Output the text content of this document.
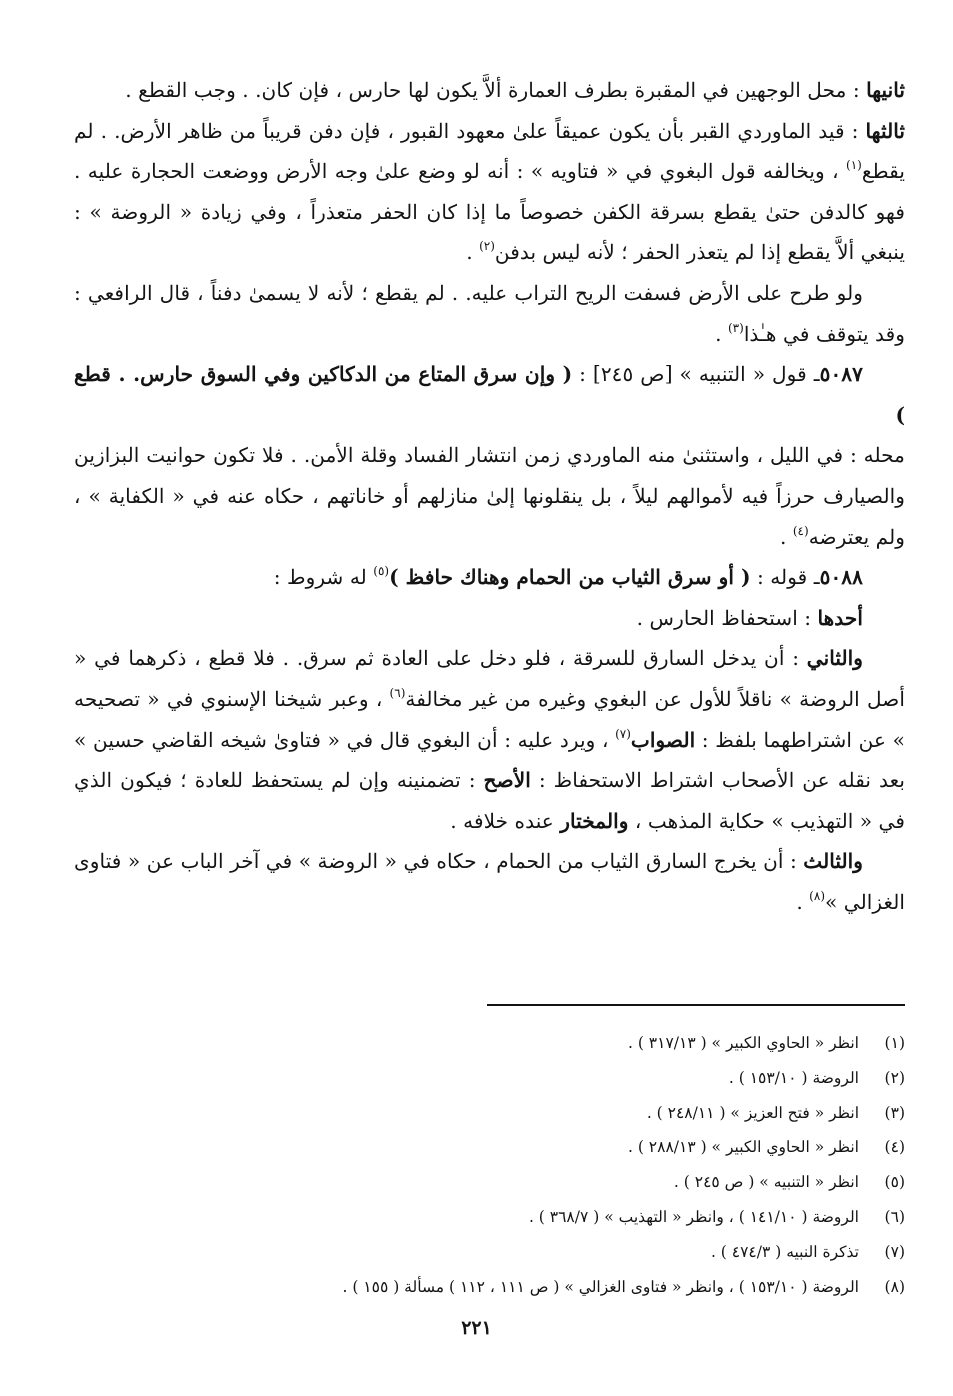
ثانيها : محل الوجهين في المقبرة بطرف العمارة ألاَّ يكون لها حارس ، فإن كان. . وجب القطع .

ثالثها : قيد الماوردي القبر بأن يكون عميقاً علىٰ معهود القبور ، فإن دفن قريباً من ظاهر الأرض. . لم يقطع$^{(١)}$ ، ويخالفه قول البغوي في « فتاويه » : أنه لو وضع علىٰ وجه الأرض ووضعت الحجارة عليه . فهو كالدفن حتىٰ يقطع بسرقة الكفن خصوصاً ما إذا كان الحفر متعذراً ، وفي زيادة « الروضة » : ينبغي ألاَّ يقطع إذا لم يتعذر الحفر ؛ لأنه ليس بدفن$^{(٢)}$ .

ولو طرح على الأرض فسفت الريح التراب عليه. . لم يقطع ؛ لأنه لا يسمىٰ دفناً ، قال الرافعي : وقد يتوقف في هـٰذا$^{(٣)}$ .

٥٠٨٧ـ قول « التنبيه » [ص ٢٤٥] : ( وإن سرق المتاع من الدكاكين وفي السوق حارس. . قطع )

محله : في الليل ، واستثنىٰ منه الماوردي زمن انتشار الفساد وقلة الأمن. . فلا تكون حوانيت البزازين والصيارف حرزاً فيه لأموالهم ليلاً ، بل ينقلونها إلىٰ منازلهم أو خاناتهم ، حكاه عنه في « الكفاية » ، ولم يعترضه$^{(٤)}$ .

٥٠٨٨ـ قوله : ( أو سرق الثياب من الحمام وهناك حافظ )$^{(٥)}$ له شروط :

أحدها : استحفاظ الحارس .

والثاني : أن يدخل السارق للسرقة ، فلو دخل على العادة ثم سرق. . فلا قطع ، ذكرهما في « أصل الروضة » ناقلاً للأول عن البغوي وغيره من غير مخالفة$^{(٦)}$ ، وعبر شيخنا الإسنوي في « تصحيحه » عن اشتراطهما بلفظ : الصواب$^{(٧)}$ ، ويرد عليه : أن البغوي قال في « فتاوىٰ شيخه القاضي حسين » بعد نقله عن الأصحاب اشتراط الاستحفاظ : الأصح : تضمنينه وإن لم يستحفظ للعادة ؛ فيكون الذي في « التهذيب » حكاية المذهب ، والمختار عنده خلافه .

والثالث : أن يخرج السارق الثياب من الحمام ، حكاه في « الروضة » في آخر الباب عن « فتاوى الغزالي »$^{(٨)}$ .

(١)انظر « الحاوي الكبير » ( ٣١٧/١٣ ) .
(٢)الروضة ( ١٥٣/١٠ ) .
(٣)انظر « فتح العزيز » ( ٢٤٨/١١ ) .
(٤)انظر « الحاوي الكبير » ( ٢٨٨/١٣ ) .
(٥)انظر « التنبيه » ( ص ٢٤٥ ) .
(٦)الروضة ( ١٤١/١٠ ) ، وانظر « التهذيب » ( ٣٦٨/٧ ) .
(٧)تذكرة النبيه ( ٤٧٤/٣ ) .
(٨)الروضة ( ١٥٣/١٠ ) ، وانظر « فتاوى الغزالي » ( ص ١١١ ، ١١٢ ) مسألة ( ١٥٥ ) .
٢٢١
